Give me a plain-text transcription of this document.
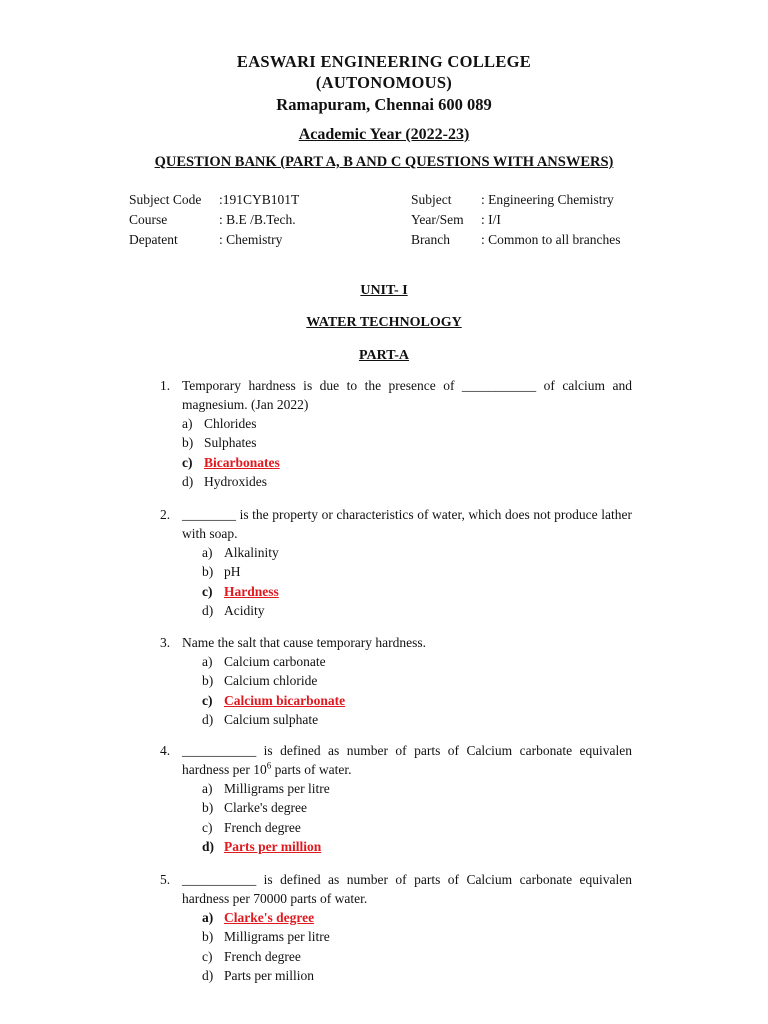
EASWARI ENGINEERING COLLEGE
(AUTONOMOUS)
Ramapuram, Chennai 600 089
Academic Year (2022-23)
QUESTION BANK (PART A, B AND C QUESTIONS WITH ANSWERS)
Subject Code :191CYB101T
Course	: B.E /B.Tech.
Depatent	: Chemistry
Subject : Engineering Chemistry
Year/Sem : I/I
Branch : Common to all branches
UNIT- I
WATER TECHNOLOGY
PART-A
1. Temporary hardness is due to the presence of ___________ of calcium and magnesium. (Jan 2022)
a) Chlorides
b) Sulphates
c) Bicarbonates
d) Hydroxides
2. ________ is the property or characteristics of water, which does not produce lather with soap.
a) Alkalinity
b) pH
c) Hardness
d) Acidity
3. Name the salt that cause temporary hardness.
a) Calcium carbonate
b) Calcium chloride
c) Calcium bicarbonate
d) Calcium sulphate
4. ___________ is defined as number of parts of Calcium carbonate equivalen hardness per $10^6$ parts of water.
a) Milligrams per litre
b) Clarke's degree
c) French degree
d) Parts per million
5. ___________ is defined as number of parts of Calcium carbonate equivalen hardness per 70000 parts of water.
a) Clarke's degree
b) Milligrams per litre
c) French degree
d) Parts per million
